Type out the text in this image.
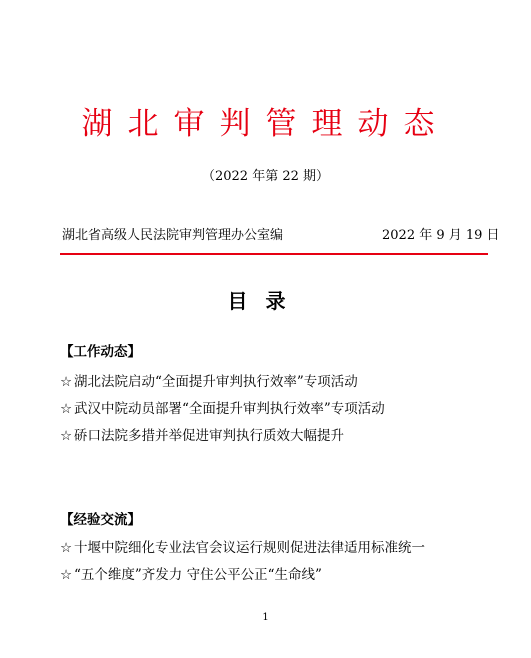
湖北审判管理动态
（2022 年第 22 期）
湖北省高级人民法院审判管理办公室编	2022 年 9 月 19 日
目录
【工作动态】
☆ 湖北法院启动“全面提升审判执行效率”专项活动
☆ 武汉中院动员部署“全面提升审判执行效率”专项活动
☆ 硚口法院多措并举促进审判执行质效大幅提升
【经验交流】
☆ 十堰中院细化专业法官会议运行规则促进法律适用标准统一
☆ “五个维度”齐发力 守住公平公正“生命线”
1
